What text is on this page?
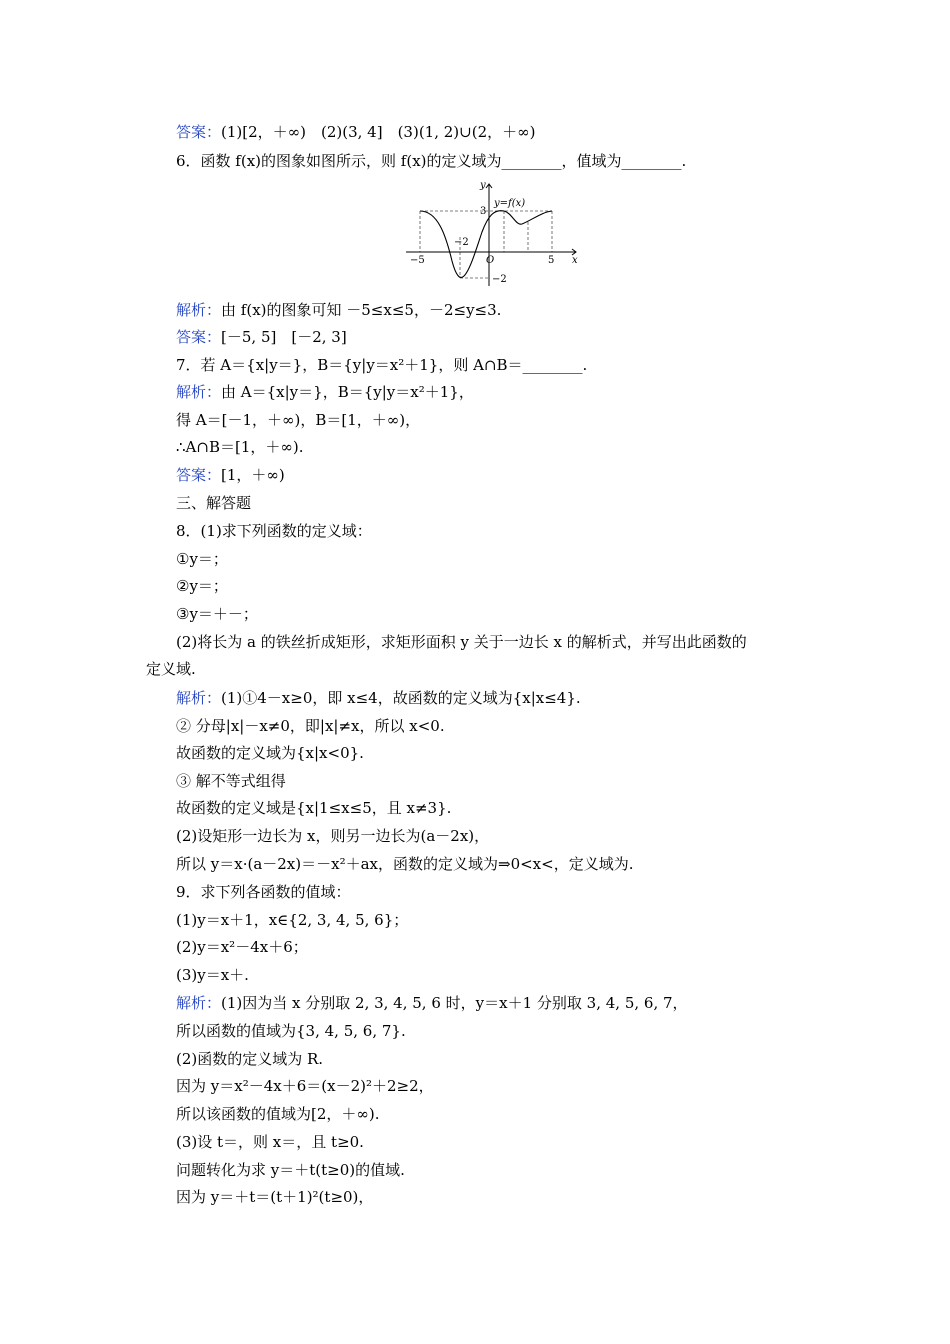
答案：(1)[2，＋∞)　(2)(3, 4]　(3)(1, 2)∪(2，＋∞)
6．函数 f(x)的图象如图所示，则 f(x)的定义域为________，值域为________.
y
x
O
y=f(x)
3
−2
−2
−5	5
解析：由 f(x)的图象可知 －5≤x≤5，－2≤y≤3.
答案：[－5, 5]　[－2, 3]
7．若 A＝{x|y＝}，B＝{y|y＝x²＋1}，则 A∩B＝________.
解析：由 A＝{x|y＝}，B＝{y|y＝x²＋1}，
得 A＝[－1，＋∞)，B＝[1，＋∞)，
∴A∩B＝[1，＋∞).
答案：[1，＋∞)
三、解答题
8．(1)求下列函数的定义域：
①y＝；
②y＝；
③y＝＋－；
(2)将长为 a 的铁丝折成矩形，求矩形面积 y 关于一边长 x 的解析式，并写出此函数的
定义域.
解析：(1)①4－x≥0，即 x≤4，故函数的定义域为{x|x≤4}.
② 分母|x|－x≠0，即|x|≠x，所以 x<0.
故函数的定义域为{x|x<0}.
③ 解不等式组得
故函数的定义域是{x|1≤x≤5，且 x≠3}.
(2)设矩形一边长为 x，则另一边长为(a－2x)，
所以 y＝x·(a－2x)＝－x²＋ax，函数的定义域为⇒0<x<，定义域为.
9．求下列各函数的值域：
(1)y＝x＋1，x∈{2, 3, 4, 5, 6}；
(2)y＝x²－4x＋6；
(3)y＝x＋.
解析：(1)因为当 x 分别取 2, 3, 4, 5, 6 时，y＝x＋1 分别取 3, 4, 5, 6, 7，
所以函数的值域为{3, 4, 5, 6, 7}.
(2)函数的定义域为 R.
因为 y＝x²－4x＋6＝(x－2)²＋2≥2，
所以该函数的值域为[2，＋∞).
(3)设 t＝，则 x＝，且 t≥0.
问题转化为求 y＝＋t(t≥0)的值域.
因为 y＝＋t＝(t＋1)²(t≥0)，
